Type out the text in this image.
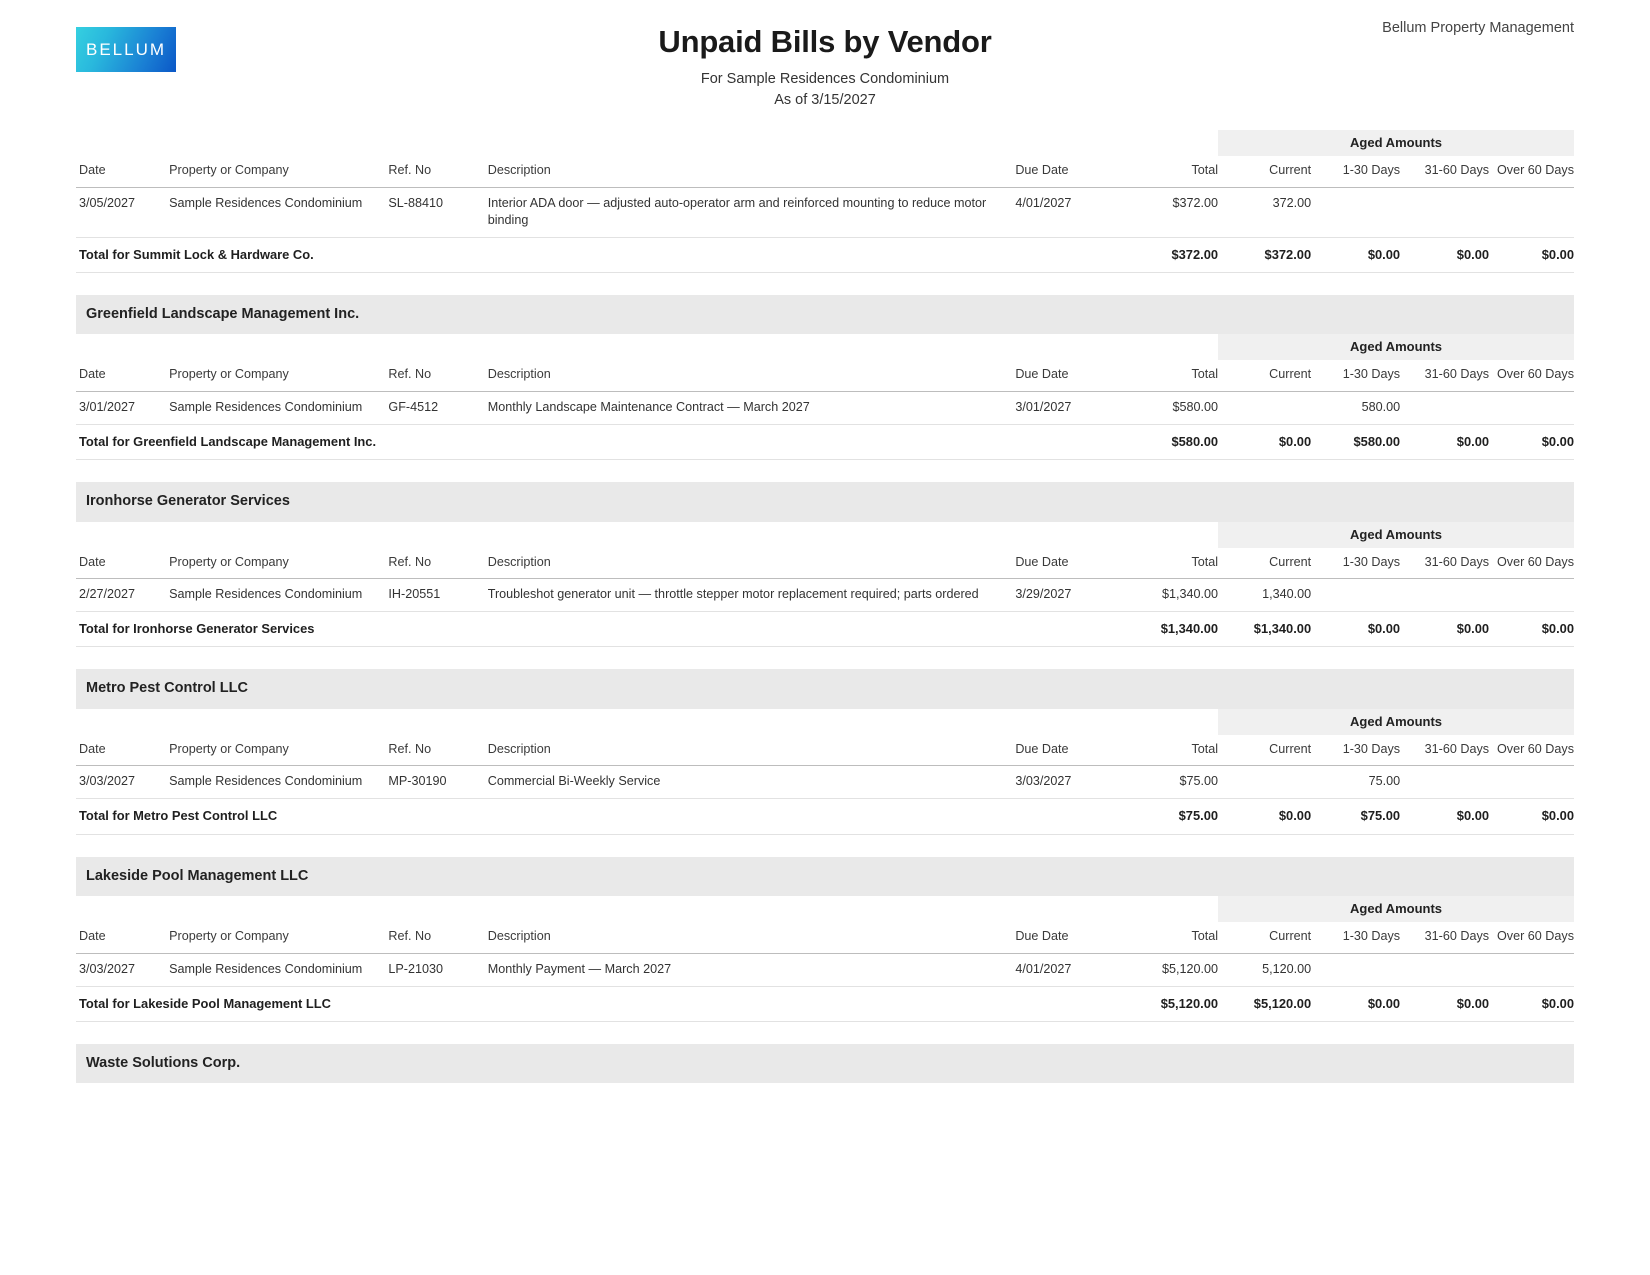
BELLUM	Unpaid Bills by Vendor
For Sample Residences Condominium
As of 3/15/2027
Bellum Property Management
						Aged Amounts			
Date	Property or Company	Ref. No	Description	Due Date	Total	Current	1-30 Days	31-60 Days	Over 60 Days
3/05/2027	Sample Residences Condominium	SL-88410	Interior ADA door — adjusted auto-operator arm and reinforced mounting to reduce motor binding	4/01/2027	$372.00	372.00			
Total for Summit Lock & Hardware Co.					$372.00	$372.00	$0.00	$0.00	$0.00

Greenfield Landscape Management Inc.									
						Aged Amounts			
Date	Property or Company	Ref. No	Description	Due Date	Total	Current	1-30 Days	31-60 Days	Over 60 Days
3/01/2027	Sample Residences Condominium	GF-4512	Monthly Landscape Maintenance Contract — March 2027	3/01/2027	$580.00		580.00		
Total for Greenfield Landscape Management Inc.					$580.00	$0.00	$580.00	$0.00	$0.00

Ironhorse Generator Services									
						Aged Amounts			
Date	Property or Company	Ref. No	Description	Due Date	Total	Current	1-30 Days	31-60 Days	Over 60 Days
2/27/2027	Sample Residences Condominium	IH-20551	Troubleshot generator unit — throttle stepper motor replacement required; parts ordered	3/29/2027	$1,340.00	1,340.00			
Total for Ironhorse Generator Services					$1,340.00	$1,340.00	$0.00	$0.00	$0.00

Metro Pest Control LLC									
						Aged Amounts			
Date	Property or Company	Ref. No	Description	Due Date	Total	Current	1-30 Days	31-60 Days	Over 60 Days
3/03/2027	Sample Residences Condominium	MP-30190	Commercial Bi-Weekly Service	3/03/2027	$75.00		75.00		
Total for Metro Pest Control LLC					$75.00	$0.00	$75.00	$0.00	$0.00

Lakeside Pool Management LLC									
						Aged Amounts			
Date	Property or Company	Ref. No	Description	Due Date	Total	Current	1-30 Days	31-60 Days	Over 60 Days
3/03/2027	Sample Residences Condominium	LP-21030	Monthly Payment — March 2027	4/01/2027	$5,120.00	5,120.00			
Total for Lakeside Pool Management LLC					$5,120.00	$5,120.00	$0.00	$0.00	$0.00

Waste Solutions Corp.									
